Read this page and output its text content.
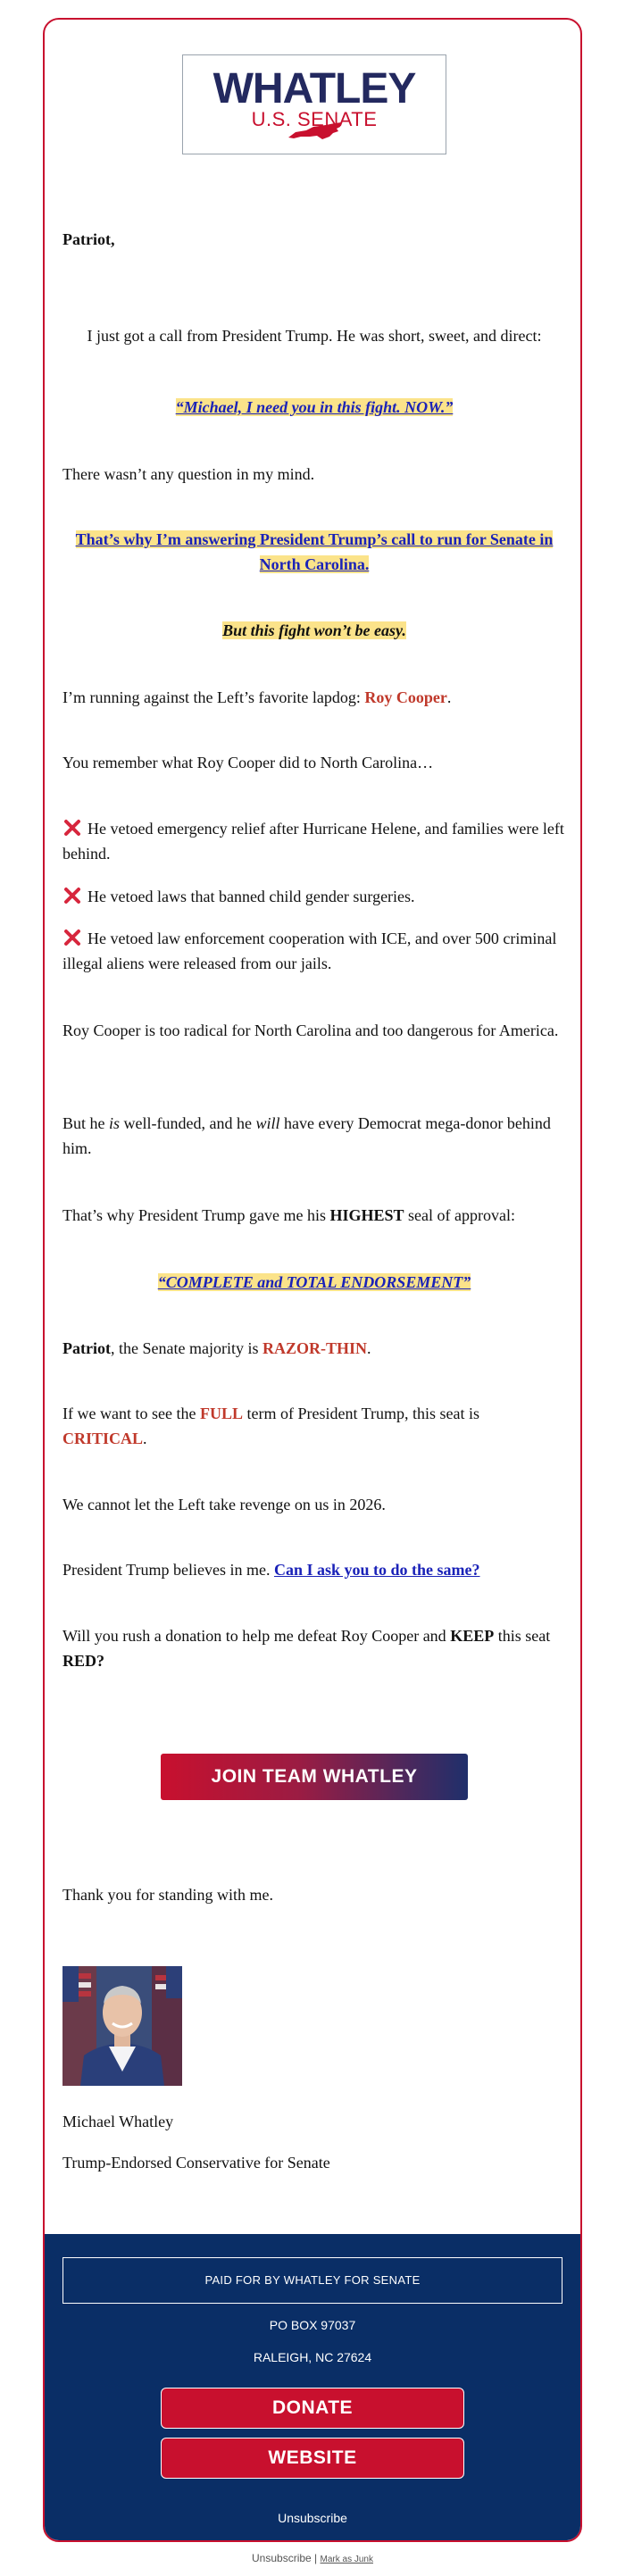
WHATLEY
U.S. SENATE
Patriot,
I just got a call from President Trump. He was short, sweet, and direct:
“Michael, I need you in this fight. NOW.”
There wasn’t any question in my mind.
That’s why I’m answering President Trump’s call to run for Senate in North Carolina.
But this fight won’t be easy.
I’m running against the Left’s favorite lapdog: Roy Cooper.
You remember what Roy Cooper did to North Carolina…
He vetoed emergency relief after Hurricane Helene, and families were left behind.
He vetoed laws that banned child gender surgeries.
He vetoed law enforcement cooperation with ICE, and over 500 criminal illegal aliens were released from our jails.
Roy Cooper is too radical for North Carolina and too dangerous for America.
But he is well-funded, and he will have every Democrat mega-donor behind him.
That’s why President Trump gave me his HIGHEST seal of approval:
“COMPLETE and TOTAL ENDORSEMENT”
Patriot, the Senate majority is RAZOR-THIN.
If we want to see the FULL term of President Trump, this seat is CRITICAL.
We cannot let the Left take revenge on us in 2026.
President Trump believes in me. Can I ask you to do the same?
Will you rush a donation to help me defeat Roy Cooper and KEEP this seat RED?
JOIN TEAM WHATLEY
Thank you for standing with me.
Michael Whatley
Trump-Endorsed Conservative for Senate
PAID FOR BY WHATLEY FOR SENATE
PO BOX 97037
RALEIGH, NC 27624
DONATE
WEBSITE
Unsubscribe
Unsubscribe | Mark as Junk
